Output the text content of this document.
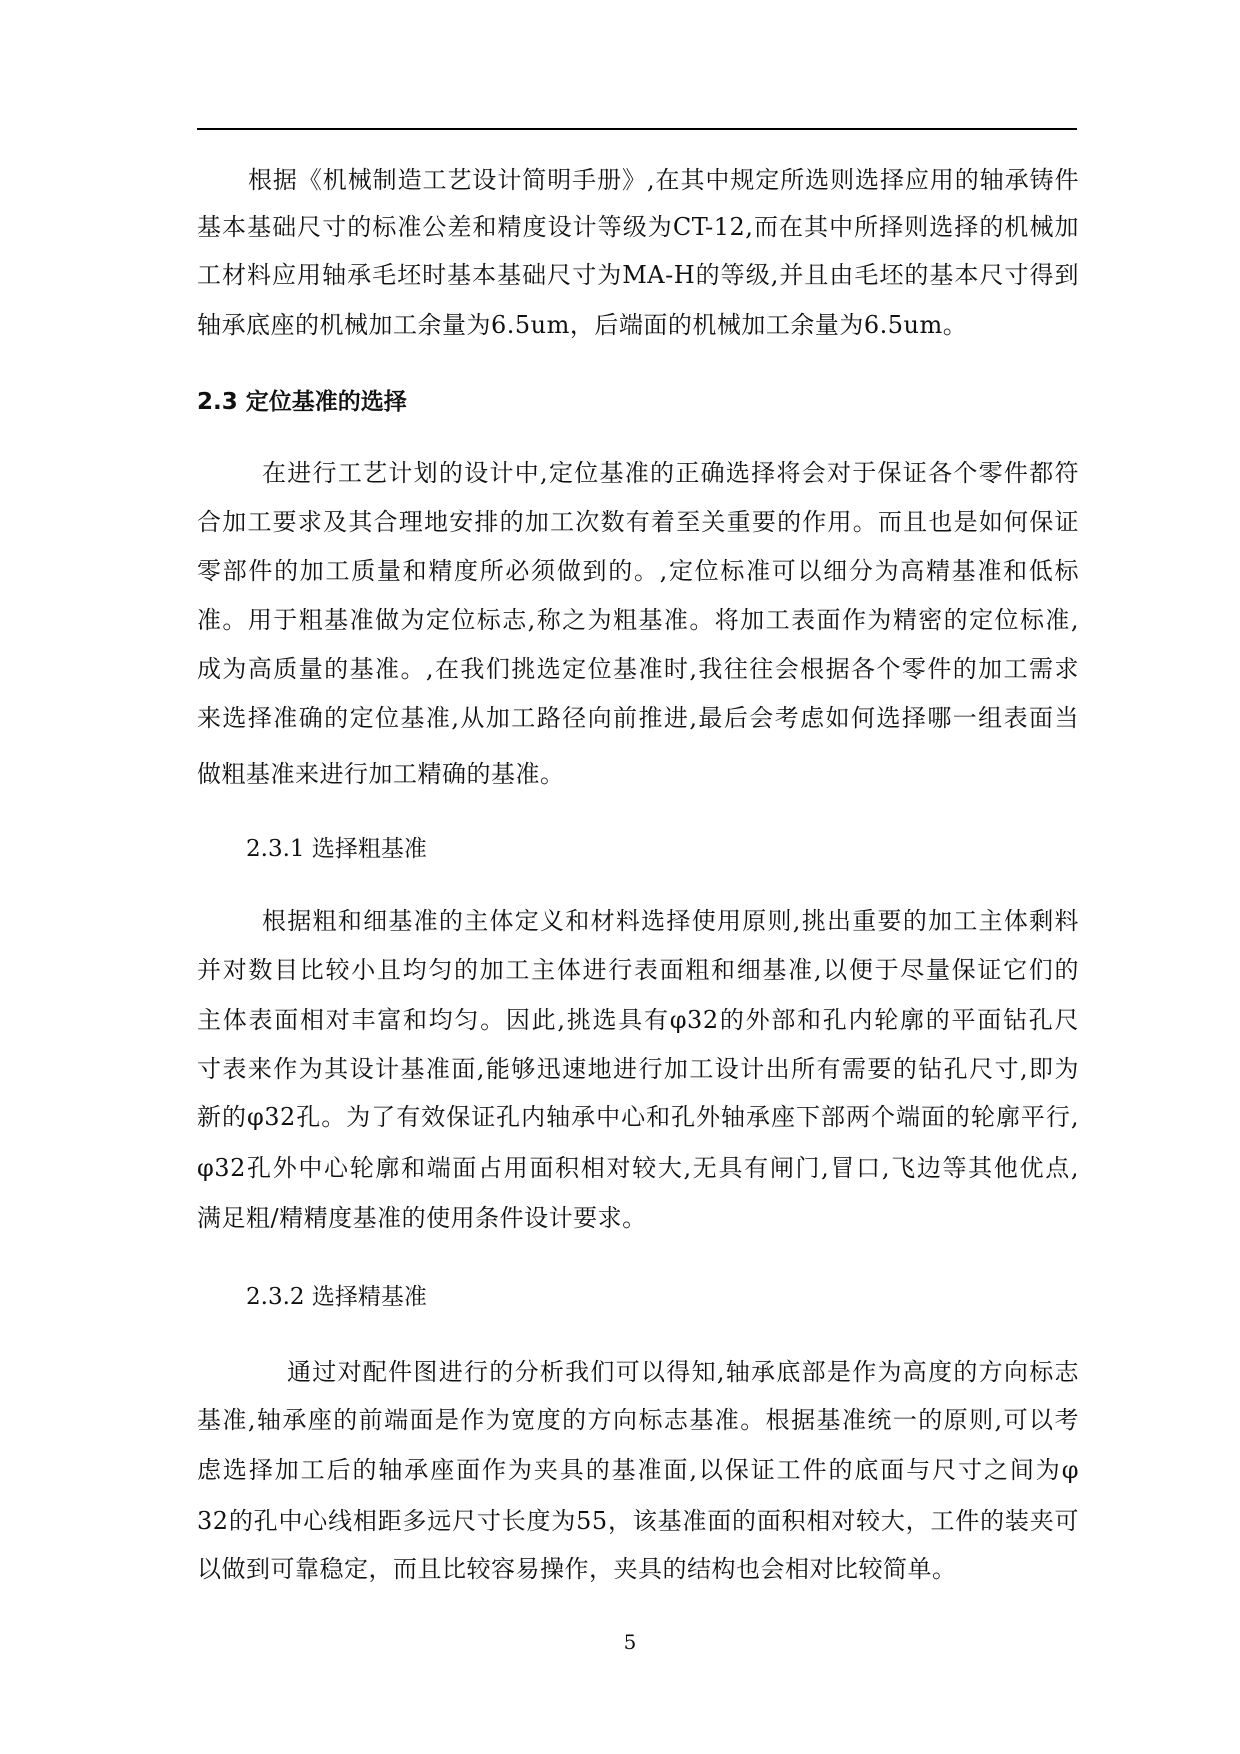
根据《机械制造工艺设计简明手册》,在其中规定所选则选择应用的轴承铸件
基本基础尺寸的标准公差和精度设计等级为CT-12,而在其中所择则选择的机械加
工材料应用轴承毛坯时基本基础尺寸为MA-H的等级,并且由毛坯的基本尺寸得到
轴承底座的机械加工余量为6.5um，后端面的机械加工余量为6.5um。
2.3 定位基准的选择
在进行工艺计划的设计中,定位基准的正确选择将会对于保证各个零件都符
合加工要求及其合理地安排的加工次数有着至关重要的作用。而且也是如何保证
零部件的加工质量和精度所必须做到的。,定位标准可以细分为高精基准和低标
准。用于粗基准做为定位标志,称之为粗基准。将加工表面作为精密的定位标准,
成为高质量的基准。,在我们挑选定位基准时,我往往会根据各个零件的加工需求
来选择准确的定位基准,从加工路径向前推进,最后会考虑如何选择哪一组表面当
做粗基准来进行加工精确的基准。
2.3.1 选择粗基准
根据粗和细基准的主体定义和材料选择使用原则,挑出重要的加工主体剩料
并对数目比较小且均匀的加工主体进行表面粗和细基准,以便于尽量保证它们的
主体表面相对丰富和均匀。因此,挑选具有φ32的外部和孔内轮廓的平面钻孔尺
寸表来作为其设计基准面,能够迅速地进行加工设计出所有需要的钻孔尺寸,即为
新的φ32孔。为了有效保证孔内轴承中心和孔外轴承座下部两个端面的轮廓平行,
φ32孔外中心轮廓和端面占用面积相对较大,无具有闸门,冒口,飞边等其他优点,
满足粗/精精度基准的使用条件设计要求。
2.3.2 选择精基准
通过对配件图进行的分析我们可以得知,轴承底部是作为高度的方向标志
基准,轴承座的前端面是作为宽度的方向标志基准。根据基准统一的原则,可以考
虑选择加工后的轴承座面作为夹具的基准面,以保证工件的底面与尺寸之间为φ
32的孔中心线相距多远尺寸长度为55，该基准面的面积相对较大，工件的装夹可
以做到可靠稳定，而且比较容易操作，夹具的结构也会相对比较简单。
5
